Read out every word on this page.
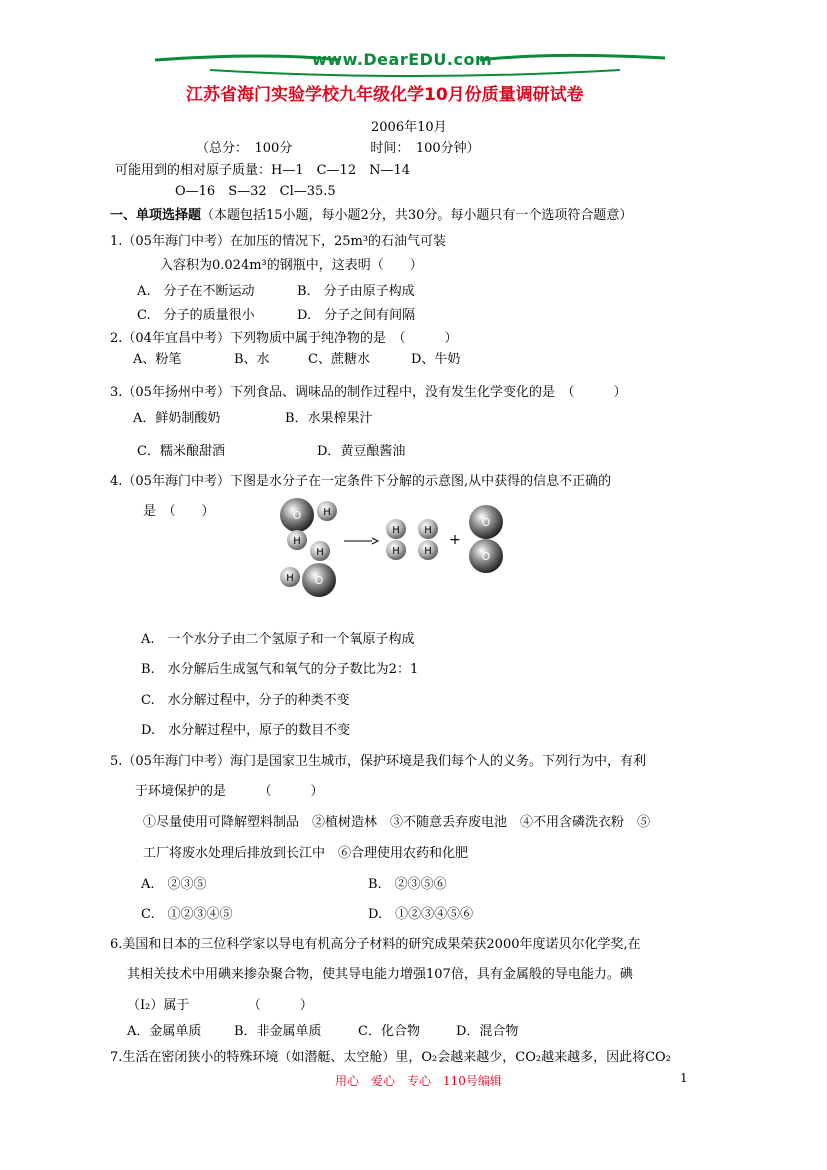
www.DearEDU.com
江苏省海门实验学校九年级化学10月份质量调研试卷
2006年10月
（总分：　100分　　　　　　时间：　100分钟）
可能用到的相对原子质量：H—1　C—12　N—14
O—16　S—32　Cl—35.5
一、单项选择题（本题包括15小题，每小题2分，共30分。每小题只有一个选项符合题意）
1.（05年海门中考）在加压的情况下，25m³的石油气可装
入容积为0.024m³的钢瓶中，这表明（　　）
A.　分子在不断运动	B.　分子由原子构成
C.　分子的质量很小	D.　分子之间有间隔
2.（04年宜昌中考）下列物质中属于纯净物的是　（　　　）
A、粉笔	B、水	C、蔗糖水	D、牛奶
3.（05年扬州中考）下列食品、调味品的制作过程中，没有发生化学变化的是　（　　　）
A．鲜奶制酸奶	B．水果榨果汁
C．糯米酿甜酒	D．黄豆酿酱油
4.（05年海门中考）下图是水分子在一定条件下分解的示意图,从中获得的信息不正确的
是　（　　）	O H
H
H
H O
H
H
H
H
+
O
O
A.　一个水分子由二个氢原子和一个氧原子构成
B.　水分解后生成氢气和氧气的分子数比为2：1
C.　水分解过程中，分子的种类不变
D.　水分解过程中，原子的数目不变
5.（05年海门中考）海门是国家卫生城市，保护环境是我们每个人的义务。下列行为中，有利
于环境保护的是　　　（　　　）
①尽量使用可降解塑料制品　②植树造林　③不随意丢弃废电池　④不用含磷洗衣粉　⑤
工厂将废水处理后排放到长江中　⑥合理使用农药和化肥
A.　②③⑤	B.　②③⑤⑥
C.　①②③④⑤	D.　①②③④⑤⑥
6.美国和日本的三位科学家以导电有机高分子材料的研究成果荣获2000年度诺贝尔化学奖,在
其相关技术中用碘来掺杂聚合物，使其导电能力增强107倍，具有金属般的导电能力。碘
（I₂）属于　　　　　（　　　）
A．金属单质	B．非金属单质	C．化合物	D．混合物
7.生活在密闭狭小的特殊环境（如潜艇、太空舱）里，O₂会越来越少，CO₂越来越多，因此将CO₂
用心　爱心　专心　110号编辑	1
